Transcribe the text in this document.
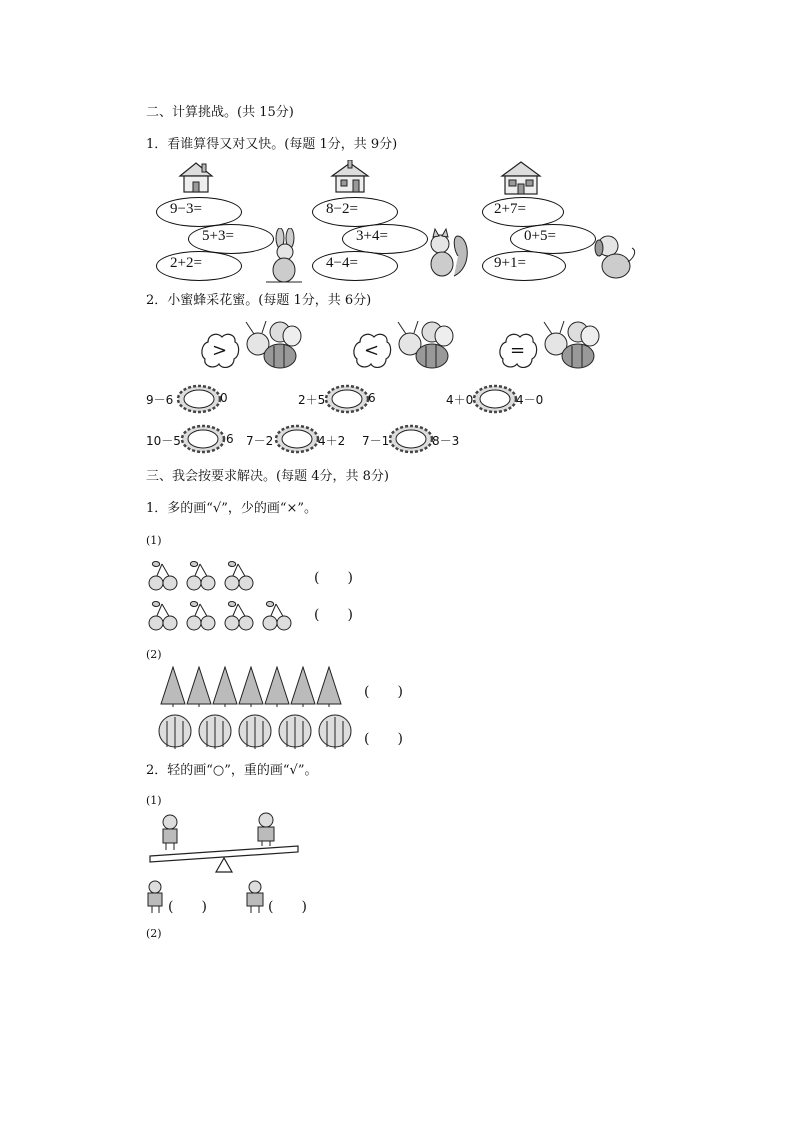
二、计算挑战。(共 15分)
1．看谁算得又对又快。(每题 1分，共 9分)
9−3=
5+3=
2+2=
8−2=
3+4=
4−4=
2+7=
0+5=
9+1=
2．小蜜蜂采花蜜。(每题 1分，共 6分)
>	<	=
9－6	0	2＋5	6	4＋0	4－0
10－5	6 7－2	4＋2 7－1	8－3
三、我会按要求解决。(每题 4分，共 8分)
1．多的画“√”，少的画“×”。
(1)
(　　)
(　　)
(2)
(　　)
(　　)
2．轻的画“○”，重的画“√”。
(1)
(　　)	(　　)
(2)
